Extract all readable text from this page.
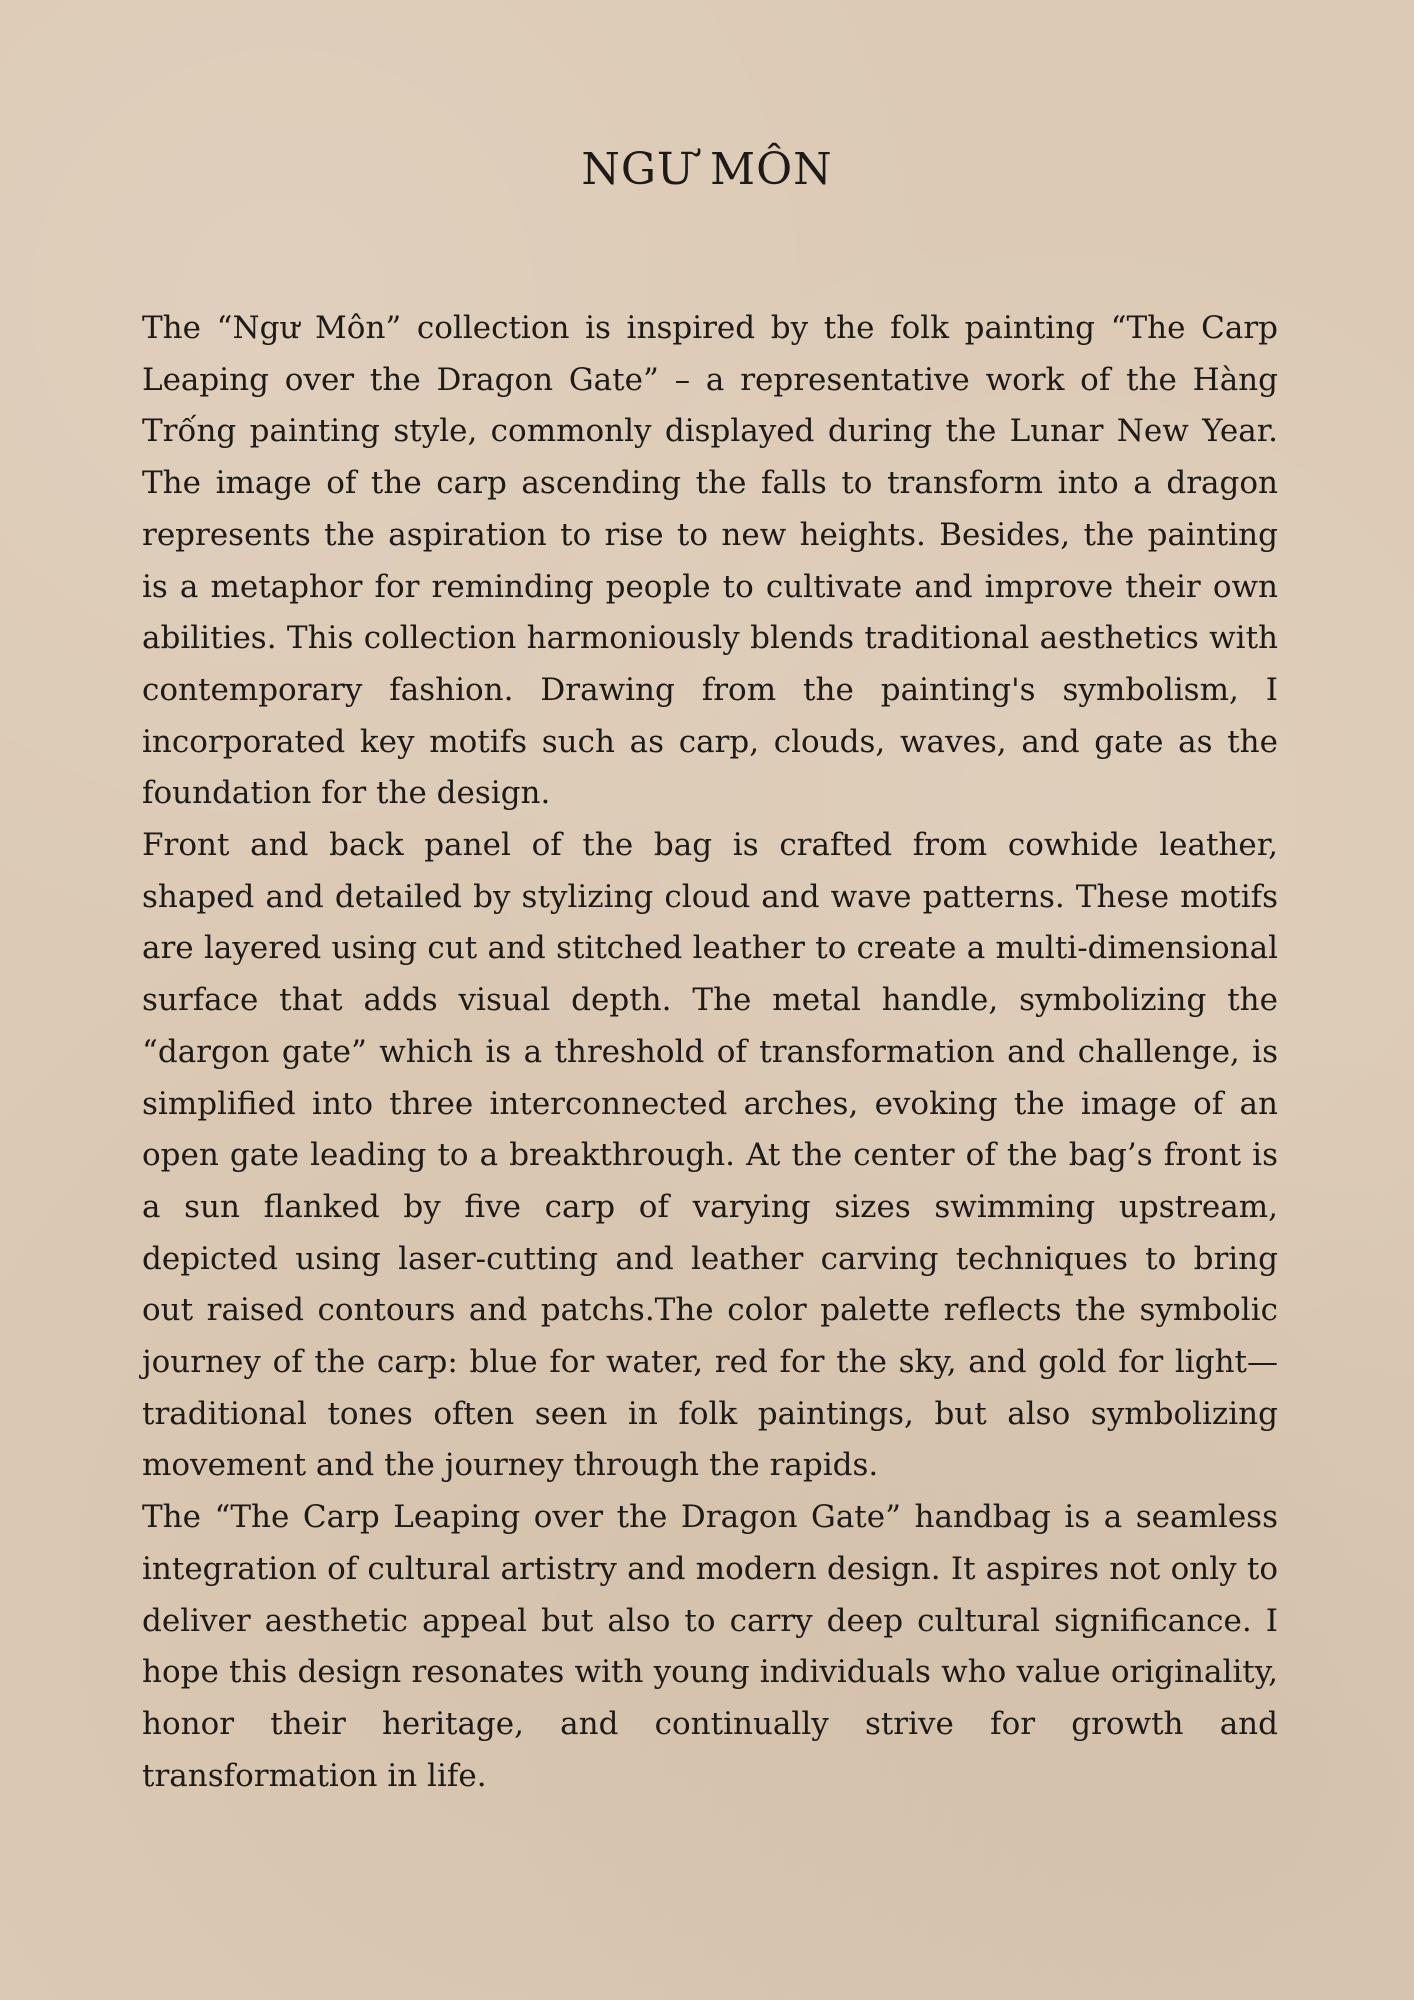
NGƯ MÔN

The “Ngư Môn” collection is inspired by the folk painting “The Carp Leaping over the Dragon Gate” – a representative work of the Hàng Trống painting style, commonly displayed during the Lunar New Year. The image of the carp ascending the falls to transform into a dragon represents the aspiration to rise to new heights. Besides, the painting is a metaphor for reminding people to cultivate and improve their own abilities. This collection harmoniously blends traditional aesthetics with contemporary fashion. Drawing from the painting's symbolism, I incorporated key motifs such as carp, clouds, waves, and gate as the foundation for the design.

Front and back panel of the bag is crafted from cowhide leather, shaped and detailed by stylizing cloud and wave patterns. These motifs are layered using cut and stitched leather to create a multi-dimensional surface that adds visual depth. The metal handle, symbolizing the “dargon gate” which is a threshold of transformation and challenge, is simplified into three interconnected arches, evoking the image of an open gate leading to a breakthrough. At the center of the bag’s front is a sun flanked by five carp of varying sizes swimming upstream, depicted using laser-cutting and leather carving techniques to bring out raised contours and patchs.The color palette reflects the symbolic journey of the carp: blue for water, red for the sky, and gold for light—traditional tones often seen in folk paintings, but also symbolizing movement and the journey through the rapids.

The “The Carp Leaping over the Dragon Gate” handbag is a seamless integration of cultural artistry and modern design. It aspires not only to deliver aesthetic appeal but also to carry deep cultural significance. I hope this design resonates with young individuals who value originality, honor their heritage, and continually strive for growth and transformation in life.
